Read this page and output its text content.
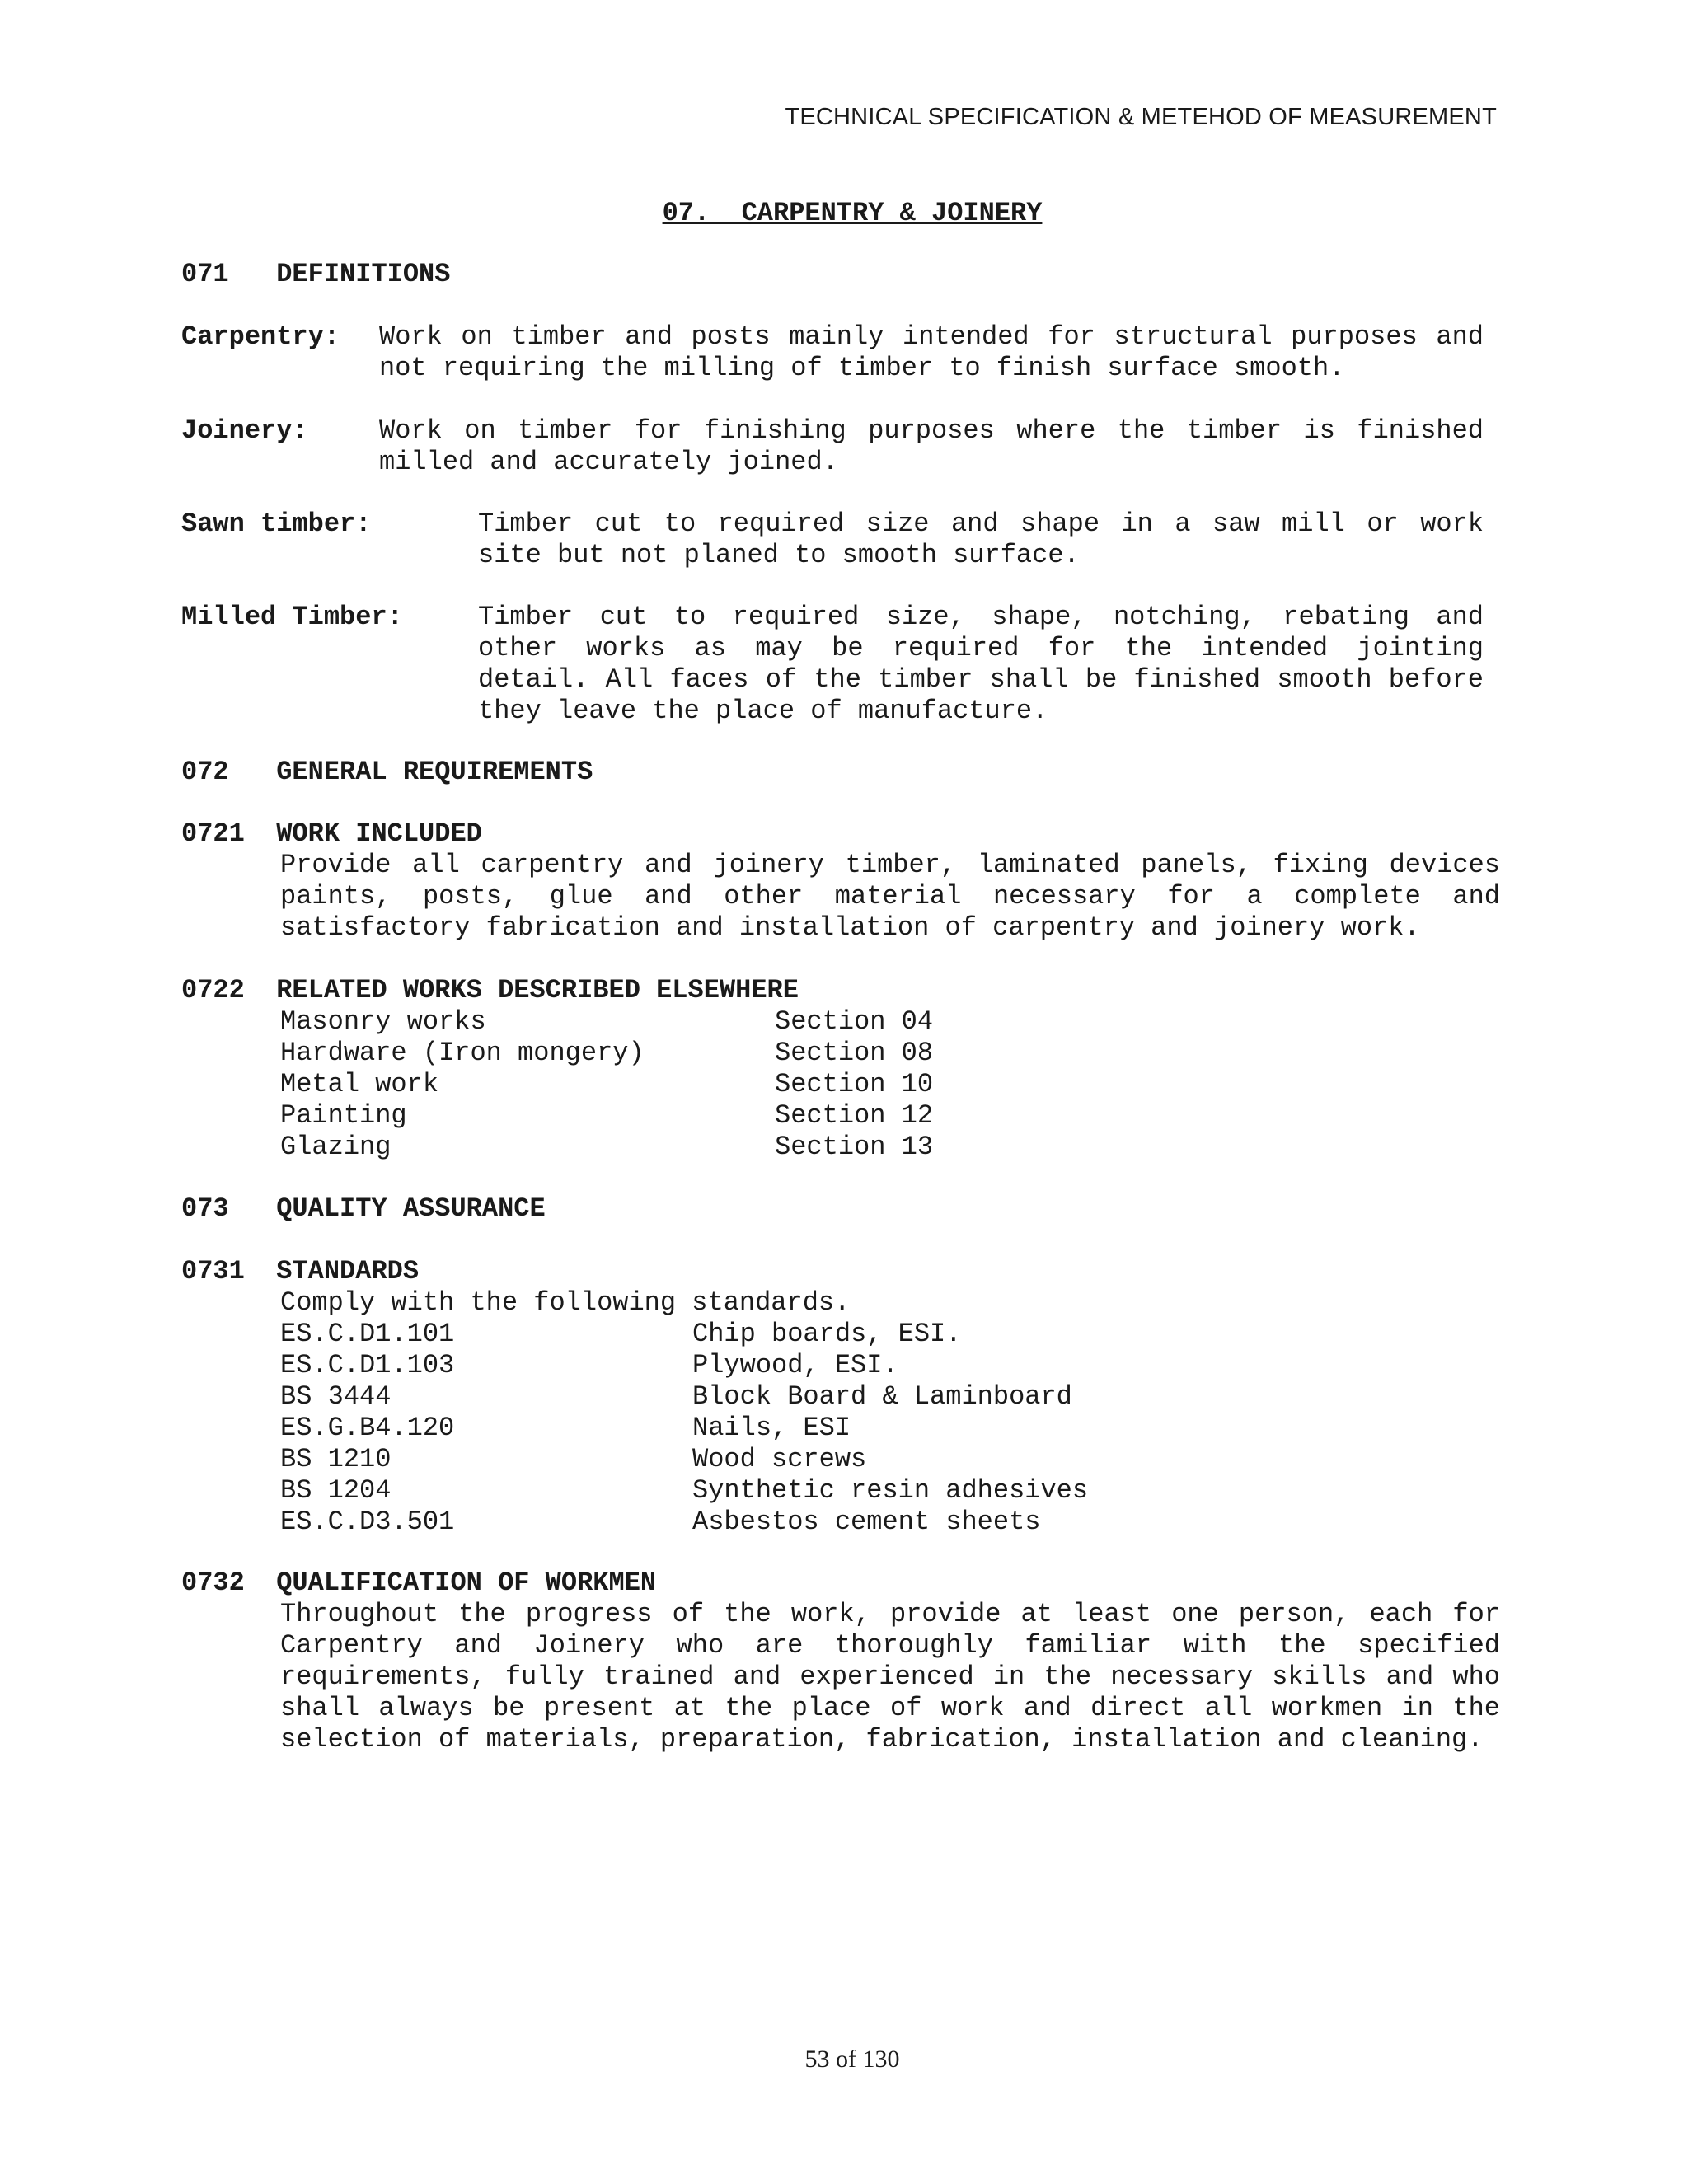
TECHNICAL SPECIFICATION & METEHOD OF MEASUREMENT
07.  CARPENTRY & JOINERY
071   DEFINITIONS
Carpentry: Work on timber and posts mainly intended for structural purposes and not requiring the milling of timber to finish surface smooth.
Joinery:	Work on timber for finishing purposes where the timber is finished milled and accurately joined.
Sawn timber:	Timber cut to required size and shape in a saw mill or work site but not planed to smooth surface.
Milled Timber:	Timber cut to required size, shape, notching, rebating and other works as may be required for the intended jointing detail. All faces of the timber shall be finished smooth before they leave the place of manufacture.
072   GENERAL REQUIREMENTS
0721  WORK INCLUDED
Provide all carpentry and joinery timber, laminated panels, fixing devices paints, posts, glue and other material necessary for a complete and satisfactory fabrication and installation of carpentry and joinery work.
0722  RELATED WORKS DESCRIBED ELSEWHERE
Masonry works	Section 04
Hardware (Iron mongery)	Section 08
Metal work	Section 10
Painting	Section 12
Glazing	Section 13
073   QUALITY ASSURANCE
0731  STANDARDS
Comply with the following standards.
ES.C.D1.101	Chip boards, ESI.
ES.C.D1.103	Plywood, ESI.
BS 3444	Block Board & Laminboard
ES.G.B4.120	Nails, ESI
BS 1210	Wood screws
BS 1204	Synthetic resin adhesives
ES.C.D3.501	Asbestos cement sheets
0732  QUALIFICATION OF WORKMEN
Throughout the progress of the work, provide at least one person, each for Carpentry and Joinery who are thoroughly familiar with the specified requirements, fully trained and experienced in the necessary skills and who shall always be present at the place of work and direct all workmen in the selection of materials, preparation, fabrication, installation and cleaning.
53 of 130
